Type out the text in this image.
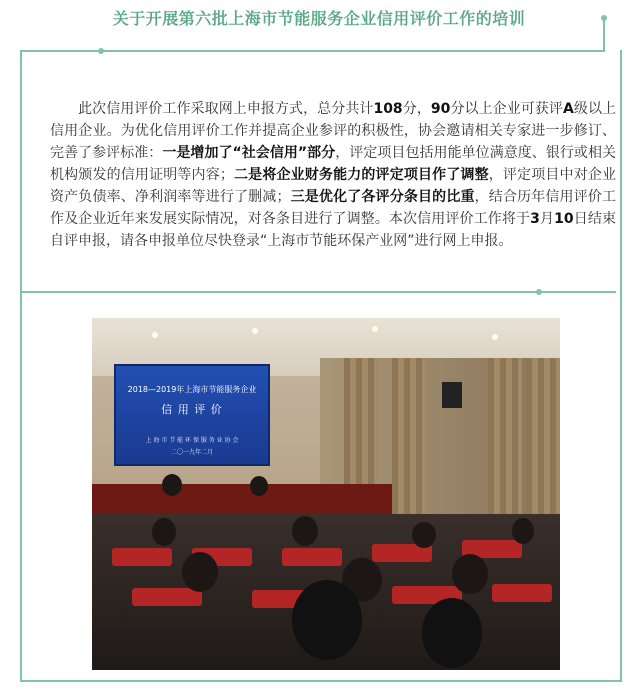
关于开展第六批上海市节能服务企业信用评价工作的培训
此次信用评价工作采取网上申报方式，总分共计108分，90分以上企业可获评A级以上信用企业。为优化信用评价工作并提高企业参评的积极性，协会邀请相关专家进一步修订、完善了参评标准：一是增加了“社会信用”部分，评定项目包括用能单位满意度、银行或相关机构颁发的信用证明等内容；二是将企业财务能力的评定项目作了调整，评定项目中对企业资产负债率、净利润率等进行了删减；三是优化了各评分条目的比重，结合历年信用评价工作及企业近年来发展实际情况，对各条目进行了调整。本次信用评价工作将于3月10日结束自评申报，请各申报单位尽快登录“上海市节能环保产业网”进行网上申报。
2018—2019年上海市节能服务企业
信 用 评 价
上 海 市 节 能 环 保 服 务 业 协 会
二〇一九年二月
